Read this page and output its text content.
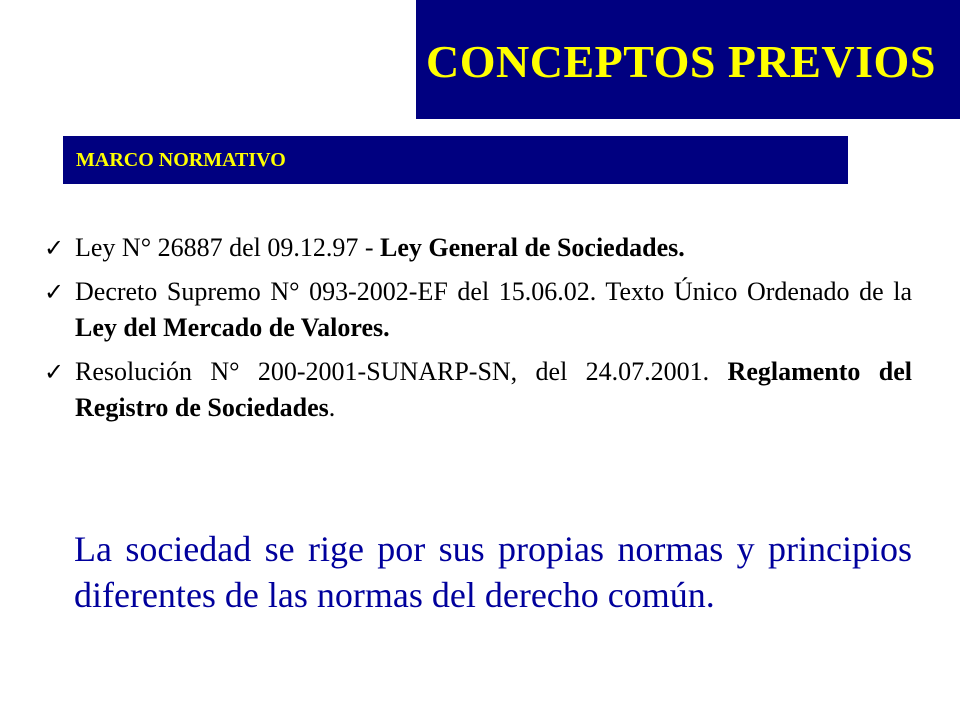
CONCEPTOS PREVIOS
MARCO NORMATIVO
✓ Ley N° 26887 del 09.12.97 - Ley General de Sociedades.
✓ Decreto Supremo N° 093-2002-EF del 15.06.02. Texto Único Ordenado de la Ley del Mercado de Valores.
✓ Resolución N° 200-2001-SUNARP-SN, del 24.07.2001. Reglamento del Registro de Sociedades.

La sociedad se rige por sus propias normas y principios diferentes de las normas del derecho común.
